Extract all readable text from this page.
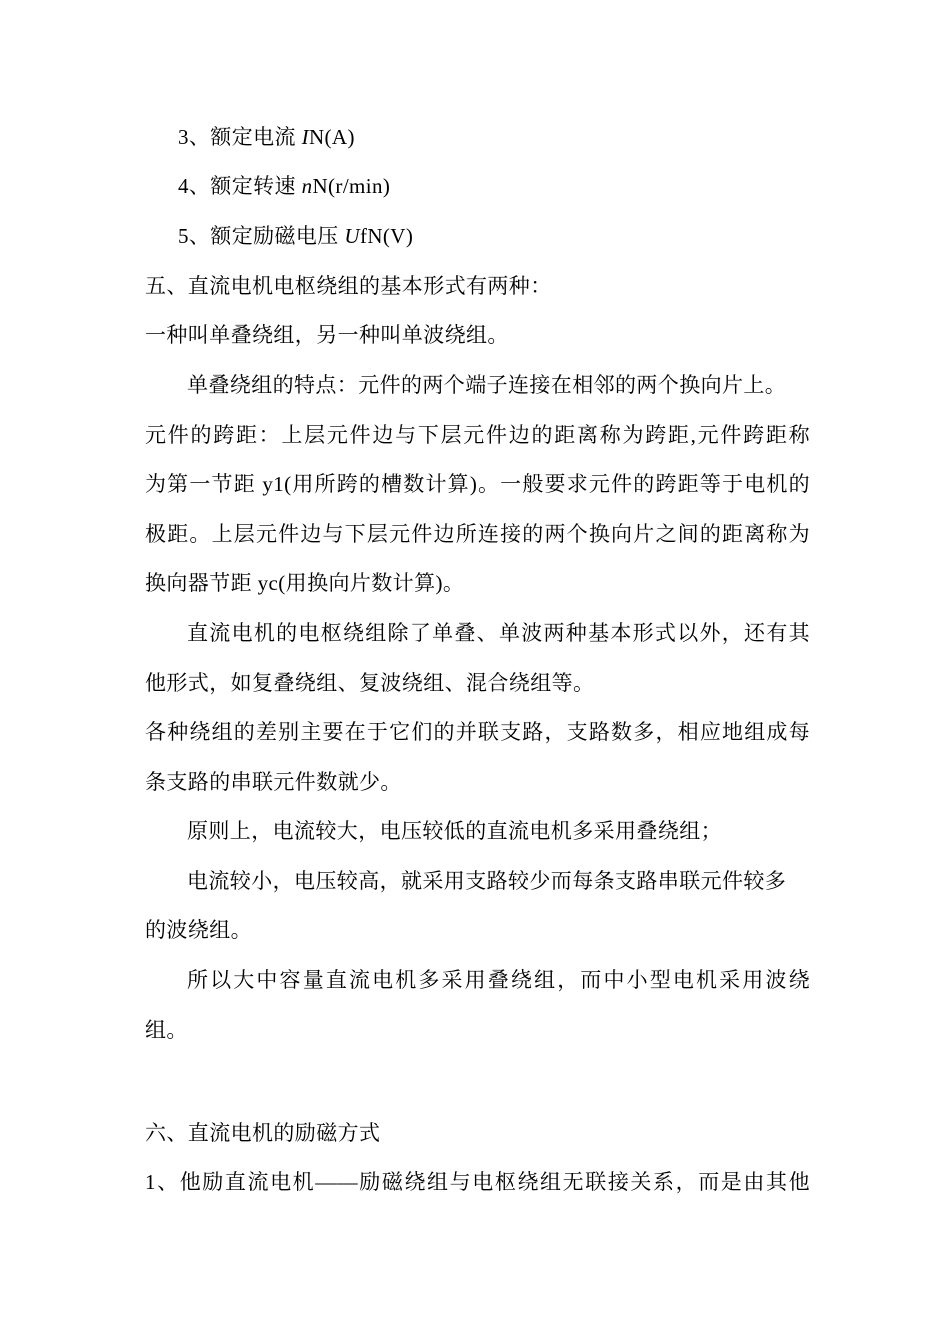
3、额定电流 IN(A)
4、额定转速 nN(r/min)
5、额定励磁电压 UfN(V)
五、直流电机电枢绕组的基本形式有两种：
一种叫单叠绕组，另一种叫单波绕组。
单叠绕组的特点：元件的两个端子连接在相邻的两个换向片上。
元件的跨距：上层元件边与下层元件边的距离称为跨距,元件跨距称
为第一节距 y1(用所跨的槽数计算)。一般要求元件的跨距等于电机的
极距。上层元件边与下层元件边所连接的两个换向片之间的距离称为
换向器节距 yc(用换向片数计算)。
直流电机的电枢绕组除了单叠、单波两种基本形式以外，还有其
他形式，如复叠绕组、复波绕组、混合绕组等。
各种绕组的差别主要在于它们的并联支路，支路数多，相应地组成每
条支路的串联元件数就少。
原则上，电流较大，电压较低的直流电机多采用叠绕组；
电流较小，电压较高，就采用支路较少而每条支路串联元件较多
的波绕组。
所以大中容量直流电机多采用叠绕组，而中小型电机采用波绕
组。
六、直流电机的励磁方式
1、他励直流电机——励磁绕组与电枢绕组无联接关系，而是由其他
